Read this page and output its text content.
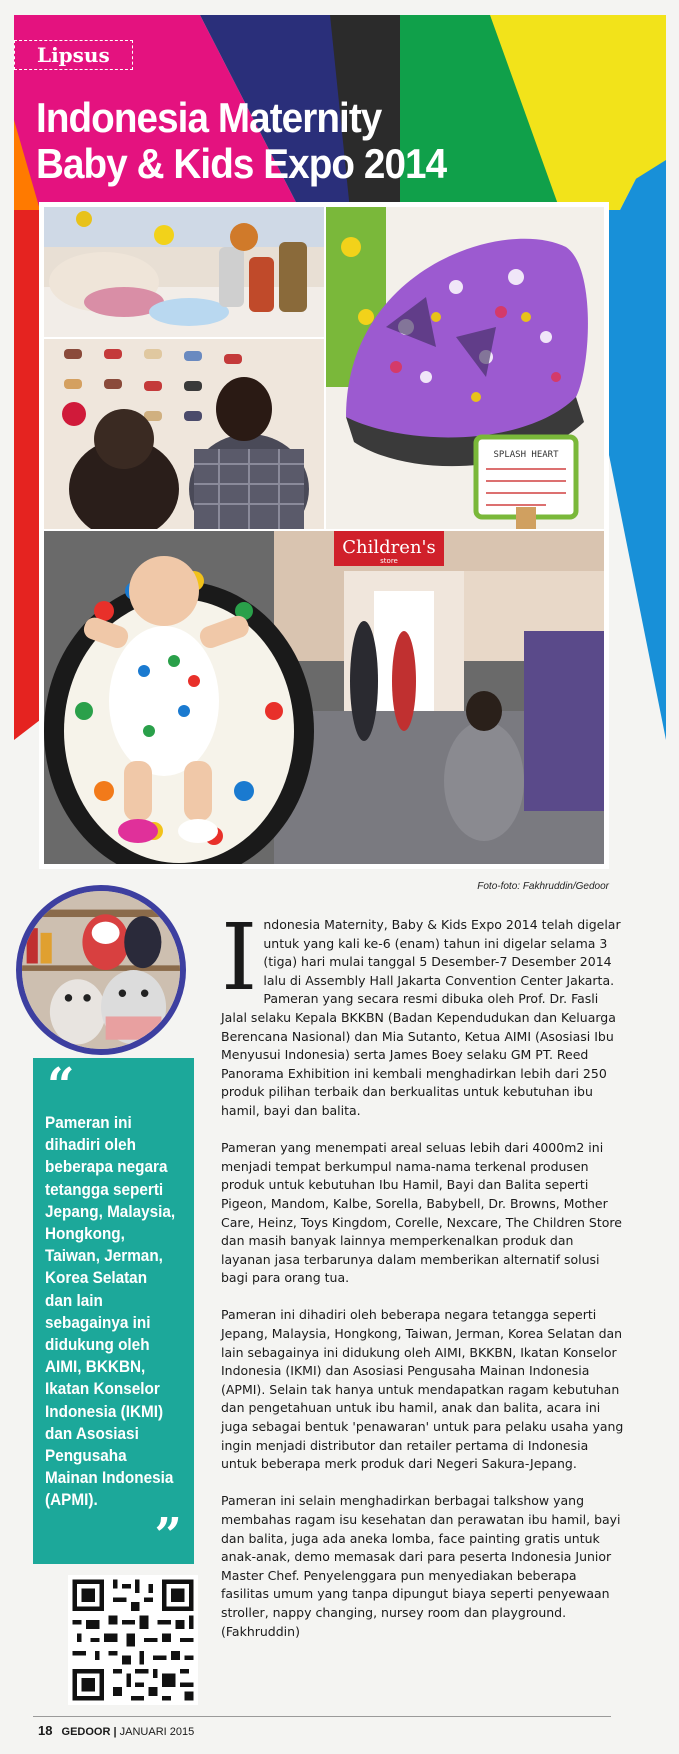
Lipsus
Indonesia Maternity
Baby & Kids Expo 2014
SPLASH HEART
Children's
store
Foto-foto: Fakhruddin/Gedoor
“
Pameran ini dihadiri oleh beberapa negara tetangga seperti Jepang, Malaysia, Hongkong, Taiwan, Jerman, Korea Selatan dan lain sebagainya ini didukung oleh AIMI, BKKBN, Ikatan Konselor Indonesia (IKMI) dan Asosiasi Pengusaha Mainan Indonesia (APMI).
”

Indonesia Maternity, Baby & Kids Expo 2014 telah digelar untuk yang kali ke-6 (enam) tahun ini digelar selama 3 (tiga) hari mulai tanggal 5 Desember-7 Desember 2014 lalu di Assembly Hall Jakarta Convention Center Jakarta. Pameran yang secara resmi dibuka oleh Prof. Dr. Fasli Jalal selaku Kepala BKKBN (Badan Kependudukan dan Keluarga Berencana Nasional) dan Mia Sutanto, Ketua AIMI (Asosiasi Ibu Menyusui Indonesia) serta James Boey selaku GM PT. Reed Panorama Exhibition ini kembali menghadirkan lebih dari 250 produk pilihan terbaik dan berkualitas untuk kebutuhan ibu hamil, bayi dan balita.

Pameran yang menempati areal seluas lebih dari 4000m2 ini menjadi tempat berkumpul nama-nama terkenal produsen produk untuk kebutuhan Ibu Hamil, Bayi dan Balita seperti Pigeon, Mandom, Kalbe, Sorella, Babybell, Dr. Browns, Mother Care, Heinz, Toys Kingdom, Corelle, Nexcare, The Children Store dan masih banyak lainnya memperkenalkan produk dan layanan jasa terbarunya dalam memberikan alternatif solusi bagi para orang tua.

Pameran ini dihadiri oleh beberapa negara tetangga seperti Jepang, Malaysia, Hongkong, Taiwan, Jerman, Korea Selatan dan lain sebagainya ini didukung oleh AIMI, BKKBN, Ikatan Konselor Indonesia (IKMI) dan Asosiasi Pengusaha Mainan Indonesia (APMI). Selain tak hanya untuk mendapatkan ragam kebutuhan dan pengetahuan untuk ibu hamil, anak dan balita, acara ini juga sebagai bentuk 'penawaran' untuk para pelaku usaha yang ingin menjadi distributor dan retailer pertama di Indonesia untuk beberapa merk produk dari Negeri Sakura-Jepang.

Pameran ini selain menghadirkan berbagai talkshow yang membahas ragam isu kesehatan dan perawatan ibu hamil, bayi dan balita, juga ada aneka lomba, face painting gratis untuk anak-anak, demo memasak dari para peserta Indonesia Junior Master Chef. Penyelenggara pun menyediakan beberapa fasilitas umum yang tanpa dipungut biaya seperti penyewaan stroller, nappy changing, nursey room dan playground. (Fakhruddin)

18 GEDOOR | JANUARI 2015
